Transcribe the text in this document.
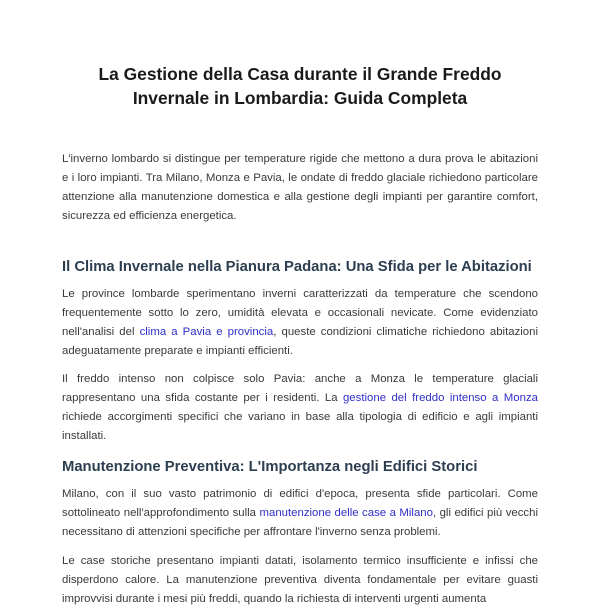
La Gestione della Casa durante il Grande Freddo
Invernale in Lombardia: Guida Completa

L'inverno lombardo si distingue per temperature rigide che mettono a dura prova le abitazioni e i loro impianti. Tra Milano, Monza e Pavia, le ondate di freddo glaciale richiedono particolare attenzione alla manutenzione domestica e alla gestione degli impianti per garantire comfort, sicurezza ed efficienza energetica.

Il Clima Invernale nella Pianura Padana: Una Sfida per le Abitazioni

Le province lombarde sperimentano inverni caratterizzati da temperature che scendono frequentemente sotto lo zero, umidità elevata e occasionali nevicate. Come evidenziato nell'analisi del clima a Pavia e provincia, queste condizioni climatiche richiedono abitazioni adeguatamente preparate e impianti efficienti.

Il freddo intenso non colpisce solo Pavia: anche a Monza le temperature glaciali rappresentano una sfida costante per i residenti. La gestione del freddo intenso a Monza richiede accorgimenti specifici che variano in base alla tipologia di edificio e agli impianti installati.

Manutenzione Preventiva: L'Importanza negli Edifici Storici

Milano, con il suo vasto patrimonio di edifici d'epoca, presenta sfide particolari. Come sottolineato nell'approfondimento sulla manutenzione delle case a Milano, gli edifici più vecchi necessitano di attenzioni specifiche per affrontare l'inverno senza problemi.

Le case storiche presentano impianti datati, isolamento termico insufficiente e infissi che disperdono calore. La manutenzione preventiva diventa fondamentale per evitare guasti improvvisi durante i mesi più freddi, quando la richiesta di interventi urgenti aumenta
